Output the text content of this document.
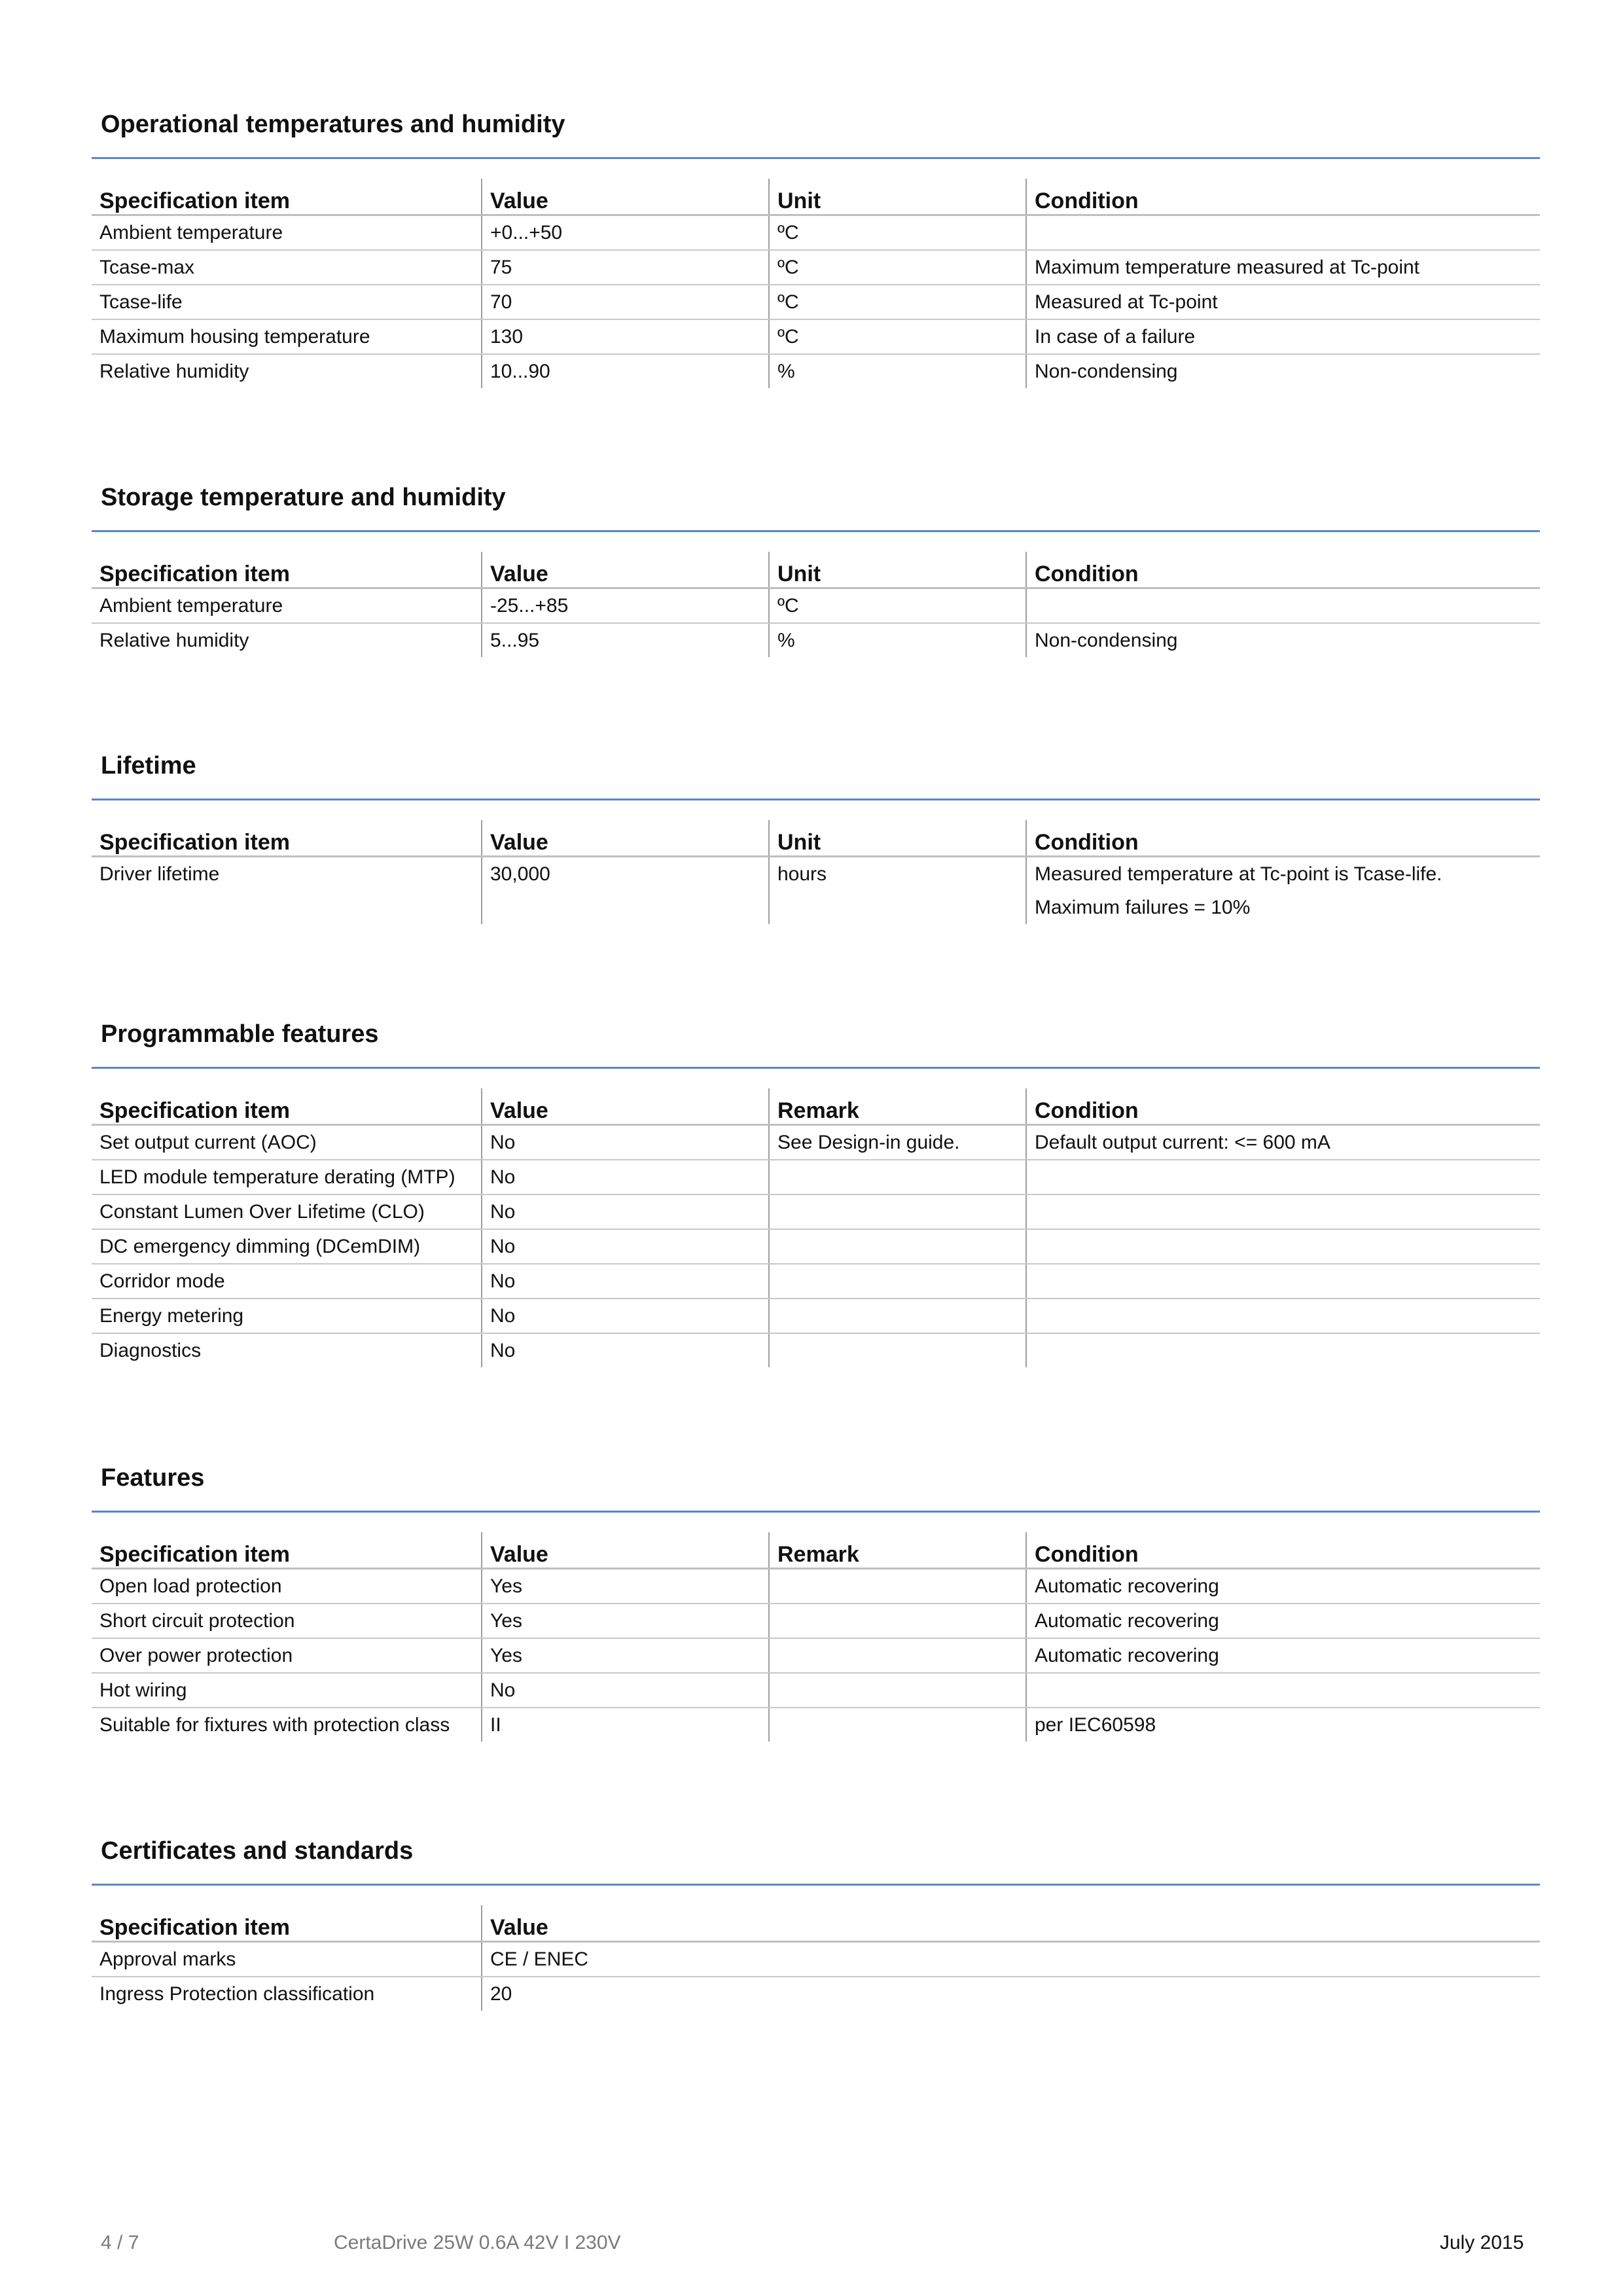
Operational temperatures and humidity
Specification item	Value	Unit	Condition
Ambient temperature	+0...+50	ºC	
Tcase-max	75	ºC	Maximum temperature measured at Tc-point
Tcase-life	70	ºC	Measured at Tc-point
Maximum housing temperature	130	ºC	In case of a failure
Relative humidity	10...90	%	Non-condensing
Storage temperature and humidity
Specification item	Value	Unit	Condition
Ambient temperature	-25...+85	ºC	
Relative humidity	5...95	%	Non-condensing
Lifetime
Specification item	Value	Unit	Condition
Driver lifetime	30,000	hours	Measured temperature at Tc-point is Tcase-life.
Maximum failures = 10%
Programmable features
Specification item	Value	Remark	Condition
Set output current (AOC)	No	See Design-in guide.	Default output current: <= 600 mA
LED module temperature derating (MTP)	No		
Constant Lumen Over Lifetime (CLO)	No		
DC emergency dimming (DCemDIM)	No		
Corridor mode	No		
Energy metering	No		
Diagnostics	No		
Features
Specification item	Value	Remark	Condition
Open load protection	Yes		Automatic recovering
Short circuit protection	Yes		Automatic recovering
Over power protection	Yes		Automatic recovering
Hot wiring	No		
Suitable for fixtures with protection class	II		per IEC60598
Certificates and standards
Specification item	Value
Approval marks	CE / ENEC
Ingress Protection classification	20
4 / 7	CertaDrive 25W 0.6A 42V I 230V	July 2015
